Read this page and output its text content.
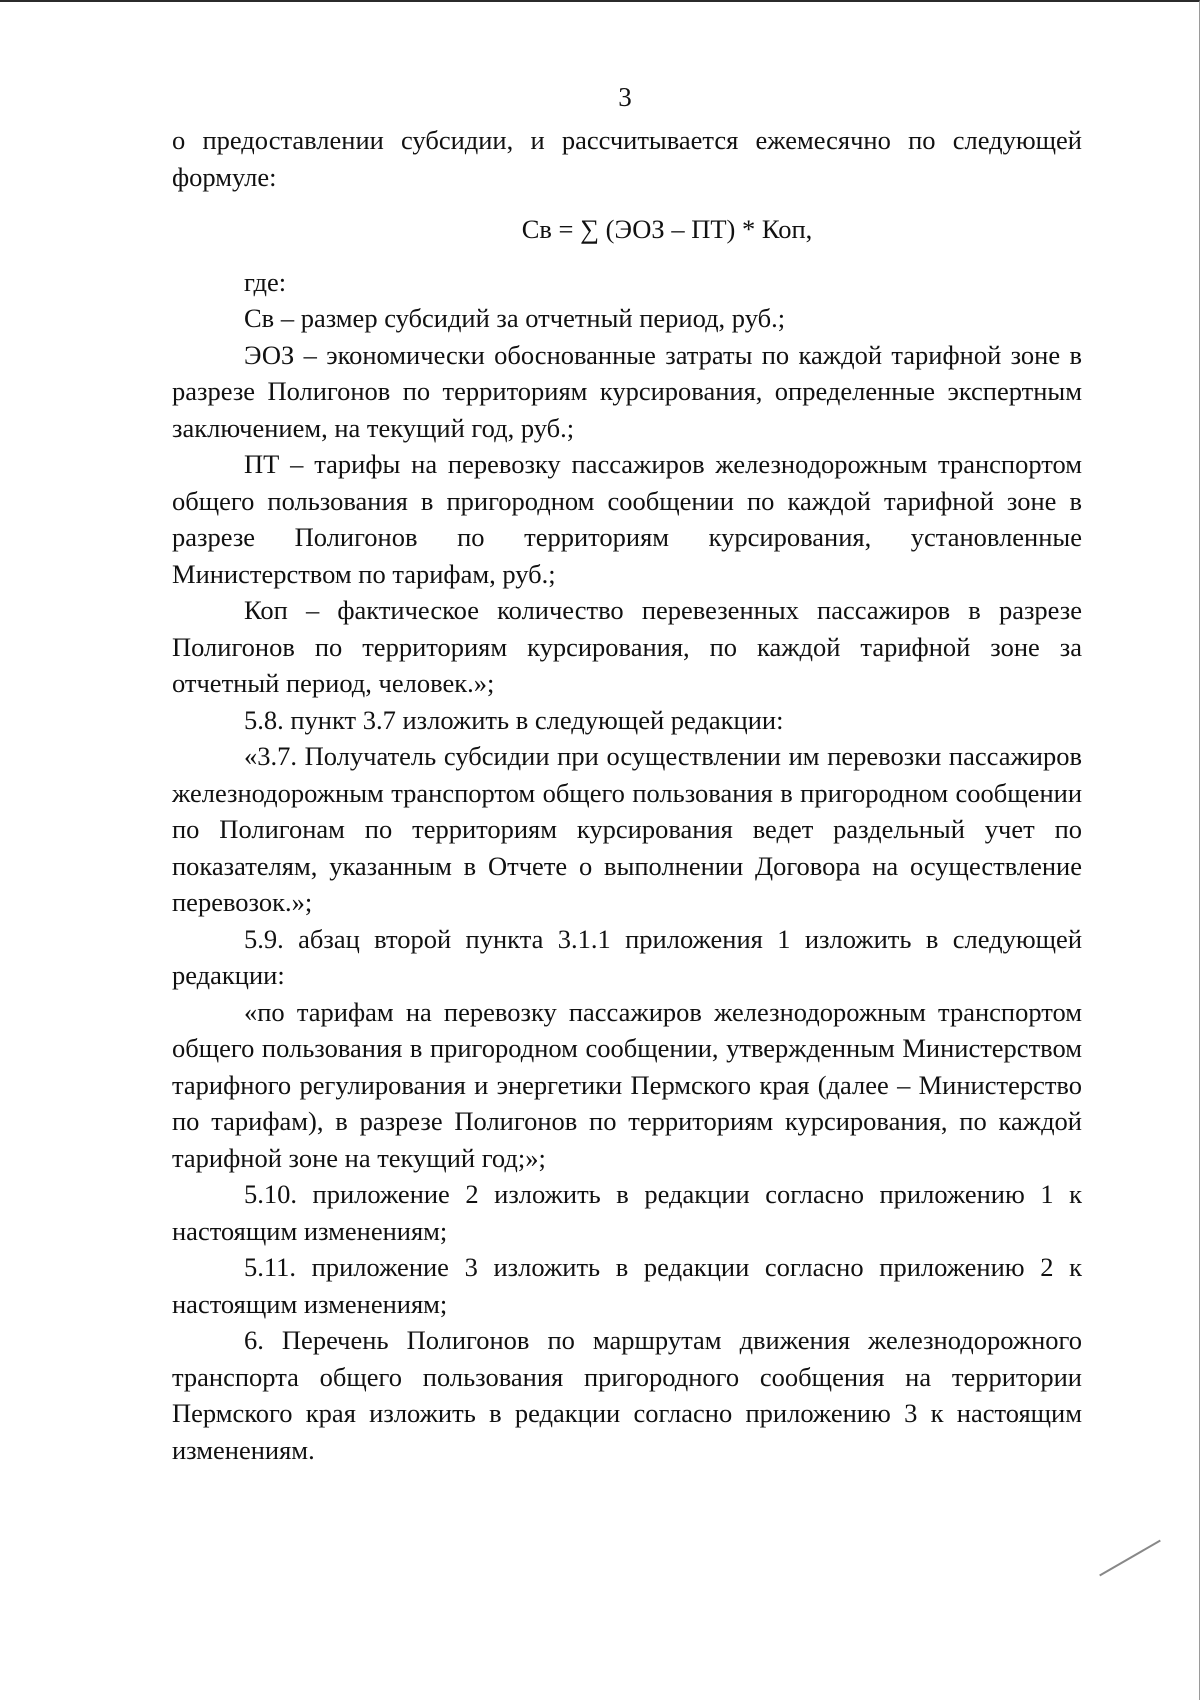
3

о предоставлении субсидии, и рассчитывается ежемесячно по следующей формуле:

Св = ∑ (ЭОЗ – ПТ) * Коп,

где:

Св – размер субсидий за отчетный период, руб.;

ЭОЗ – экономически обоснованные затраты по каждой тарифной зоне в разрезе Полигонов по территориям курсирования, определенные экспертным заключением, на текущий год, руб.;

ПТ – тарифы на перевозку пассажиров железнодорожным транспортом общего пользования в пригородном сообщении по каждой тарифной зоне в разрезе Полигонов по территориям курсирования, установленные Министерством по тарифам, руб.;

Коп – фактическое количество перевезенных пассажиров в разрезе Полигонов по территориям курсирования, по каждой тарифной зоне за отчетный период, человек.»;

5.8. пункт 3.7 изложить в следующей редакции:

«3.7. Получатель субсидии при осуществлении им перевозки пассажиров железнодорожным транспортом общего пользования в пригородном сообщении по Полигонам по территориям курсирования ведет раздельный учет по показателям, указанным в Отчете о выполнении Договора на осуществление перевозок.»;

5.9. абзац второй пункта 3.1.1 приложения 1 изложить в следующей редакции:

«по тарифам на перевозку пассажиров железнодорожным транспортом общего пользования в пригородном сообщении, утвержденным Министерством тарифного регулирования и энергетики Пермского края (далее – Министерство по тарифам), в разрезе Полигонов по территориям курсирования, по каждой тарифной зоне на текущий год;»;

5.10. приложение 2 изложить в редакции согласно приложению 1 к настоящим изменениям;

5.11. приложение 3 изложить в редакции согласно приложению 2 к настоящим изменениям;

6. Перечень Полигонов по маршрутам движения железнодорожного транспорта общего пользования пригородного сообщения на территории Пермского края изложить в редакции согласно приложению 3 к настоящим изменениям.
